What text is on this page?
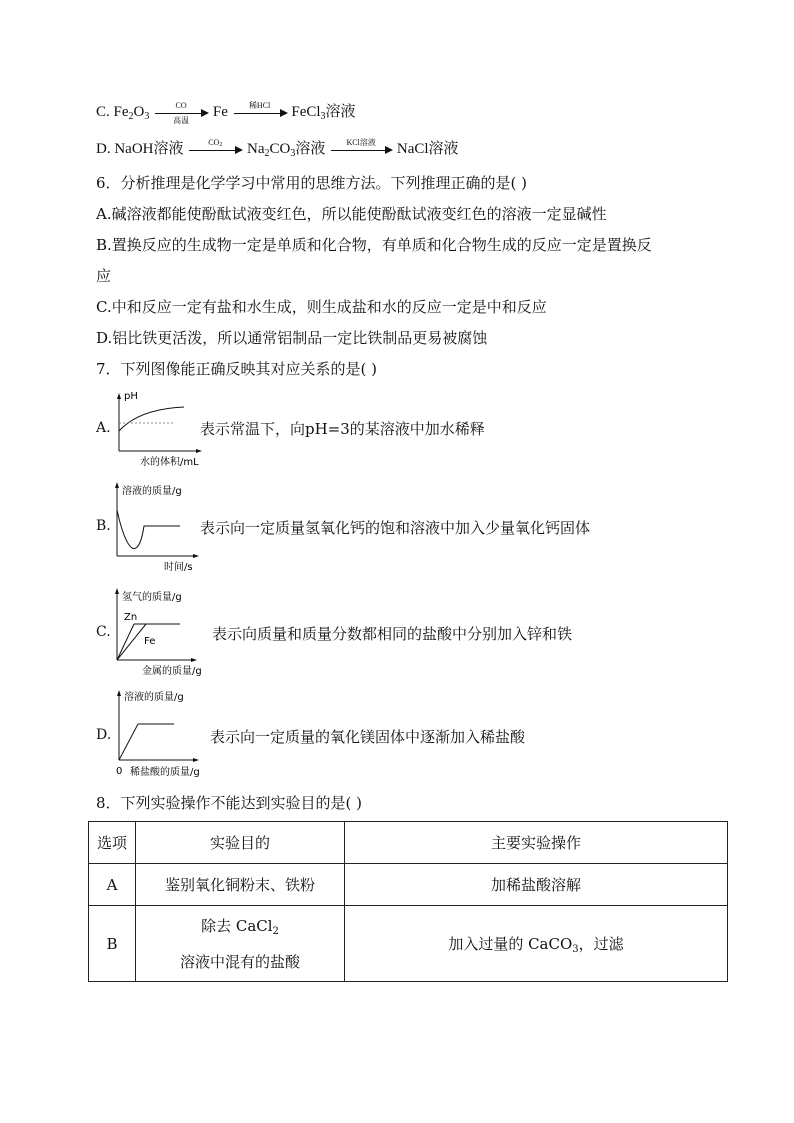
C. $Fe_2O_3$
CO
高温
Fe	稀HCl	FeCl$_3$溶液
D. NaOH溶液	$CO_2$	$Na_2CO_3$溶液	KCl溶液	NaCl溶液
6．分析推理是化学学习中常用的思维方法。下列推理正确的是( )
A.碱溶液都能使酚酞试液变红色，所以能使酚酞试液变红色的溶液一定显碱性
B.置换反应的生成物一定是单质和化合物，有单质和化合物生成的反应一定是置换反
应
C.中和反应一定有盐和水生成，则生成盐和水的反应一定是中和反应
D.铝比铁更活泼，所以通常铝制品一定比铁制品更易被腐蚀
7．下列图像能正确反映其对应关系的是( )
A.
pH
水的体积/mL
表示常温下，向pH=3的某溶液中加水稀释
B.
溶液的质量/g
时间/s
表示向一定质量氢氧化钙的饱和溶液中加入少量氧化钙固体
C.
氢气的质量/g
Zn
Fe
金属的质量/g
表示向质量和质量分数都相同的盐酸中分别加入锌和铁
D.
溶液的质量/g
0 稀盐酸的质量/g
表示向一定质量的氧化镁固体中逐渐加入稀盐酸
8．下列实验操作不能达到实验目的是( )
选项	实验目的	主要实验操作
A	鉴别氧化铜粉末、铁粉	加稀盐酸溶解
B	除去 CaCl$_2$
溶液中混有的盐酸	加入过量的 CaCO$_3$，过滤
